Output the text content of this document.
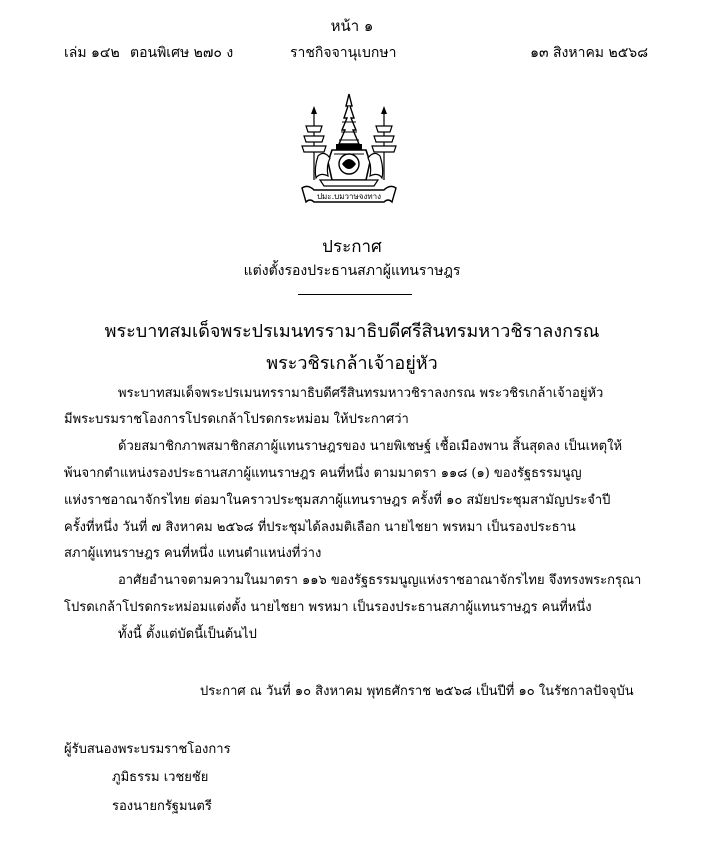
หน้า ๑
เล่ม ๑๔๒ ตอนพิเศษ ๒๗๐ ง	ราชกิจจานุเบกษา	๑๓ สิงหาคม ๒๕๖๘
ปมะ.บมวาษจงทาง
ประกาศ
แต่งตั้งรองประธานสภาผู้แทนราษฎร
พระบาทสมเด็จพระปรเมนทรรามาธิบดีศรีสินทรมหาวชิราลงกรณ
พระวชิรเกล้าเจ้าอยู่หัว
พระบาทสมเด็จพระปรเมนทรรามาธิบดีศรีสินทรมหาวชิราลงกรณ พระวชิรเกล้าเจ้าอยู่หัว
มีพระบรมราชโองการโปรดเกล้าโปรดกระหม่อม ให้ประกาศว่า
ด้วยสมาชิกภาพสมาชิกสภาผู้แทนราษฎรของ นายพิเชษฐ์ เชื้อเมืองพาน สิ้นสุดลง เป็นเหตุให้
พ้นจากตำแหน่งรองประธานสภาผู้แทนราษฎร คนที่หนึ่ง ตามมาตรา ๑๑๘ (๑) ของรัฐธรรมนูญ
แห่งราชอาณาจักรไทย ต่อมาในคราวประชุมสภาผู้แทนราษฎร ครั้งที่ ๑๐ สมัยประชุมสามัญประจำปี
ครั้งที่หนึ่ง วันที่ ๗ สิงหาคม ๒๕๖๘ ที่ประชุมได้ลงมติเลือก นายไชยา พรหมา เป็นรองประธาน
สภาผู้แทนราษฎร คนที่หนึ่ง แทนตำแหน่งที่ว่าง
อาศัยอำนาจตามความในมาตรา ๑๑๖ ของรัฐธรรมนูญแห่งราชอาณาจักรไทย จึงทรงพระกรุณา
โปรดเกล้าโปรดกระหม่อมแต่งตั้ง นายไชยา พรหมา เป็นรองประธานสภาผู้แทนราษฎร คนที่หนึ่ง
ทั้งนี้ ตั้งแต่บัดนี้เป็นต้นไป
ประกาศ ณ วันที่ ๑๐ สิงหาคม พุทธศักราช ๒๕๖๘ เป็นปีที่ ๑๐ ในรัชกาลปัจจุบัน
ผู้รับสนองพระบรมราชโองการ
ภูมิธรรม เวชยชัย
รองนายกรัฐมนตรี
